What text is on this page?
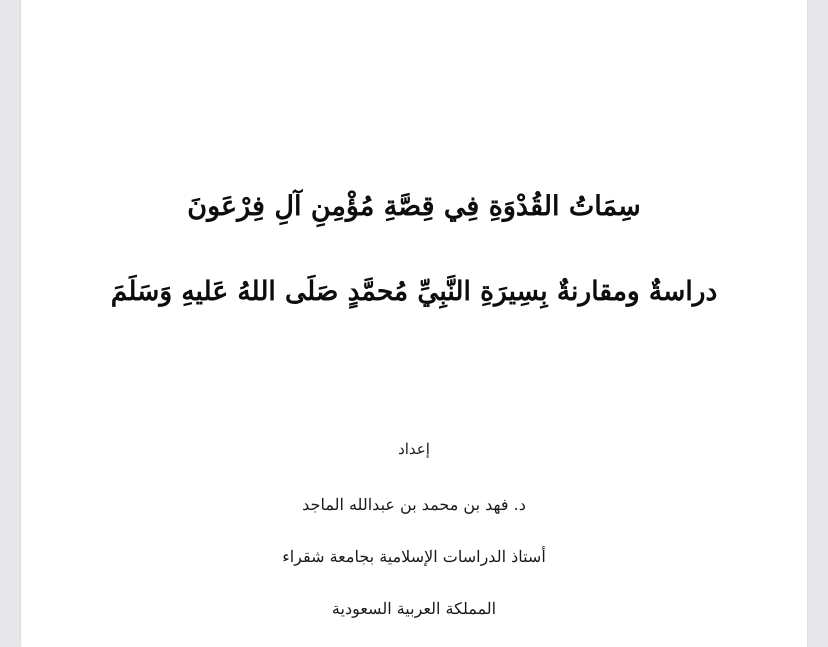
سِمَاتُ القُدْوَةِ فِي قِصَّةِ مُؤْمِنِ آلِ فِرْعَونَ
دراسةٌ ومقارنةٌ بِسِيرَةِ النَّبِيِّ مُحمَّدٍ صَلَى اللهُ عَليهِ وَسَلَمَ
إعداد
د. فهد بن محمد بن عبدالله الماجد
أستاذ الدراسات الإسلامية بجامعة شقراء
المملكة العربية السعودية
